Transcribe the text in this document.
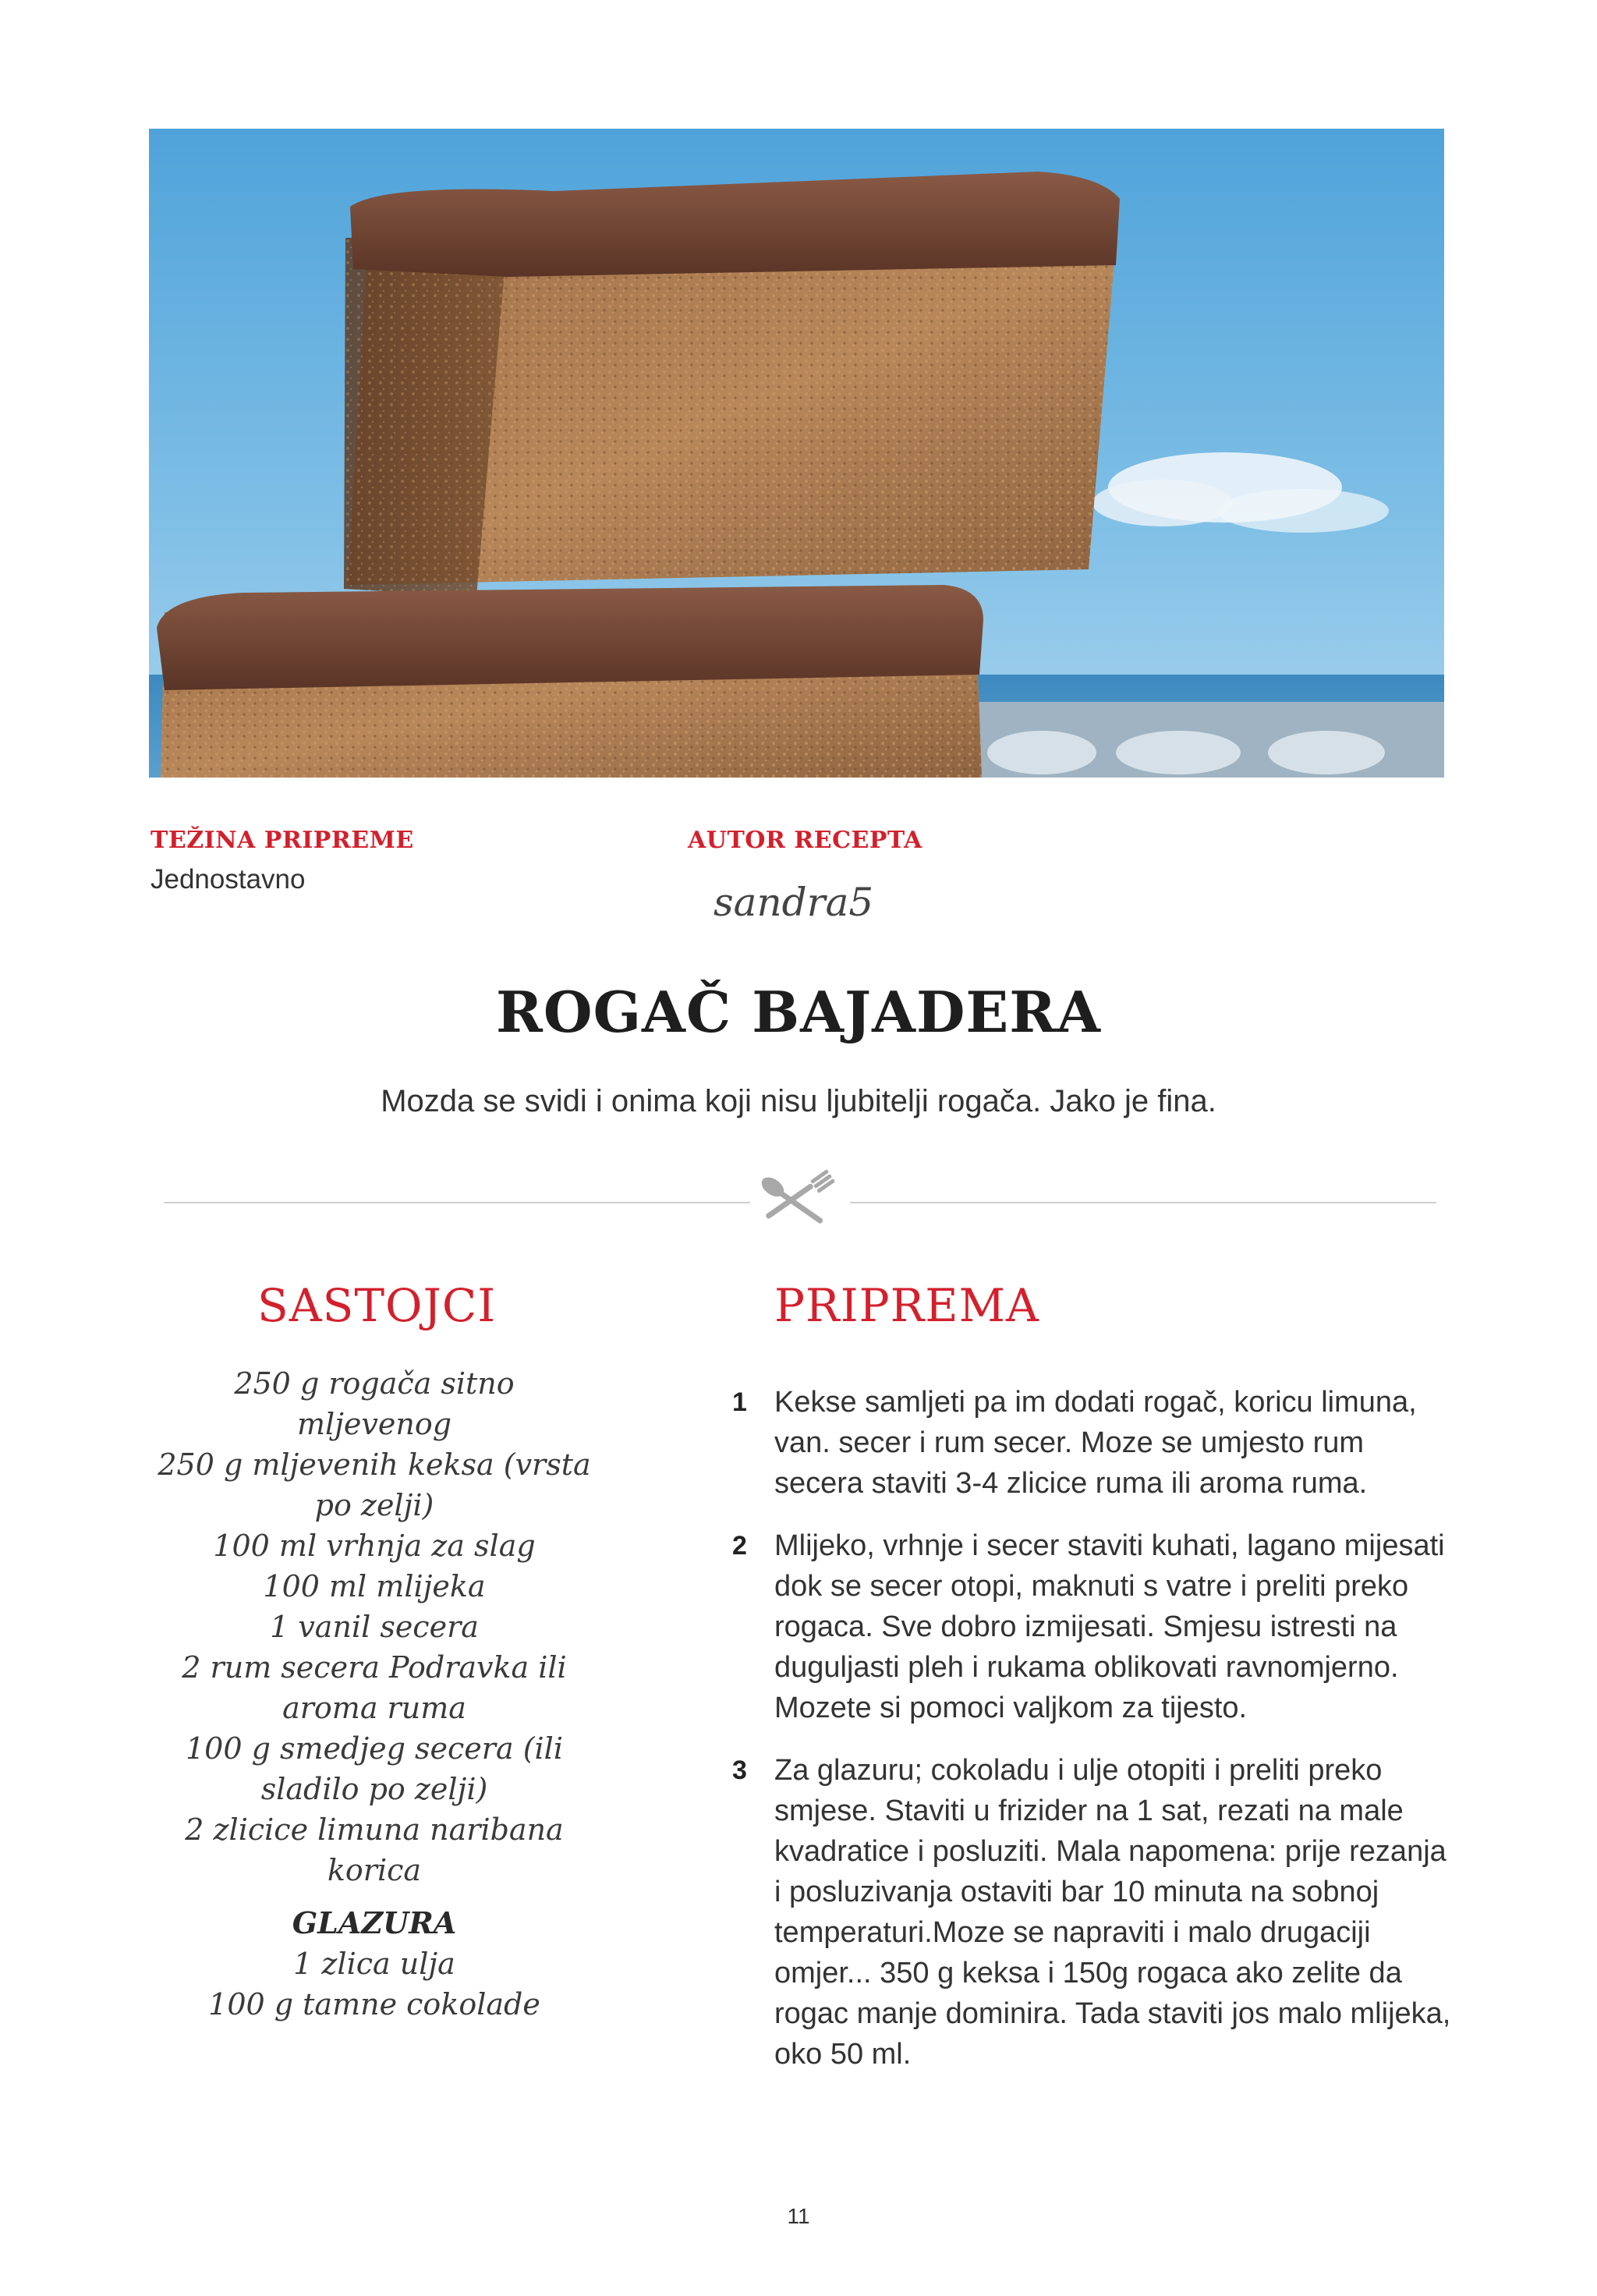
TEŽINA PRIPREME
Jednostavno
AUTOR RECEPTA
sandra5
ROGAČ BAJADERA
Mozda se svidi i onima koji nisu ljubitelji rogača. Jako je fina.
SASTOJCI
250 g rogača sitno mljevenog
250 g mljevenih keksa (vrsta po zelji)
100 ml vrhnja za slag
100 ml mlijeka
1 vanil secera
2 rum secera Podravka ili aroma ruma
100 g smedjeg secera (ili sladilo po zelji)
2 zlicice limuna naribana korica
GLAZURA
1 zlica ulja
100 g tamne cokolade
PRIPREMA
1 Kekse samljeti pa im dodati rogač, koricu limuna, van. secer i rum secer. Moze se umjesto rum secera staviti 3-4 zlicice ruma ili aroma ruma.
2 Mlijeko, vrhnje i secer staviti kuhati, lagano mijesati dok se secer otopi, maknuti s vatre i preliti preko rogaca. Sve dobro izmijesati. Smjesu istresti na duguljasti pleh i rukama oblikovati ravnomjerno. Mozete si pomoci valjkom za tijesto.
3 Za glazuru; cokoladu i ulje otopiti i preliti preko smjese. Staviti u frizider na 1 sat, rezati na male kvadratice i posluziti. Mala napomena: prije rezanja i posluzivanja ostaviti bar 10 minuta na sobnoj temperaturi.Moze se napraviti i malo drugaciji omjer... 350 g keksa i 150g rogaca ako zelite da rogac manje dominira. Tada staviti jos malo mlijeka, oko 50 ml.
11
